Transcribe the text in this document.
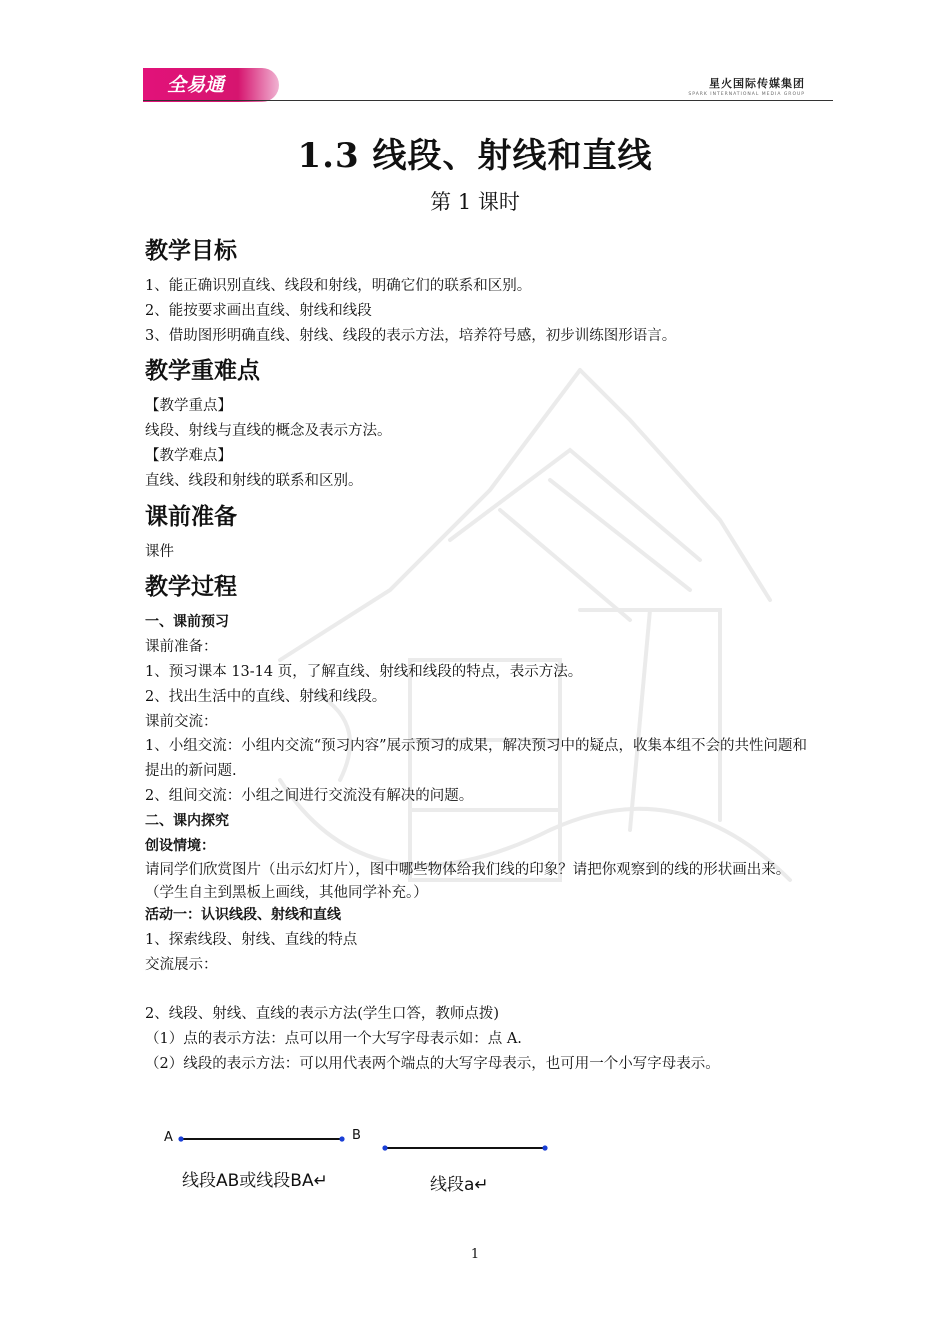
全易通	星火国际传媒集团
SPARK INTERNATIONAL MEDIA GROUP
1.3 线段、射线和直线
第 1 课时
教学目标

1、能正确识别直线、线段和射线，明确它们的联系和区别。

2、能按要求画出直线、射线和线段

3、借助图形明确直线、射线、线段的表示方法，培养符号感，初步训练图形语言。

教学重难点

【教学重点】

线段、射线与直线的概念及表示方法。

【教学难点】

直线、线段和射线的联系和区别。

课前准备

课件

教学过程

一、课前预习

课前准备：

1、预习课本 13-14 页，了解直线、射线和线段的特点，表示方法。

2、找出生活中的直线、射线和线段。

课前交流：

1、小组交流：小组内交流“预习内容”展示预习的成果，解决预习中的疑点，收集本组不会的共性问题和提出的新问题.

2、组间交流：小组之间进行交流没有解决的问题。

二、课内探究

创设情境：

请同学们欣赏图片（出示幻灯片），图中哪些物体给我们线的印象？请把你观察到的线的形状画出来。

（学生自主到黑板上画线，其他同学补充。）

活动一：认识线段、射线和直线

1、探索线段、射线、直线的特点

交流展示：

2、线段、射线、直线的表示方法(学生口答，教师点拨)

（1）点的表示方法：点可以用一个大写字母表示如：点 A.

（2）线段的表示方法：可以用代表两个端点的大写字母表示，也可用一个小写字母表示。

A	B
线段AB或线段BA↵	线段a↵
1
